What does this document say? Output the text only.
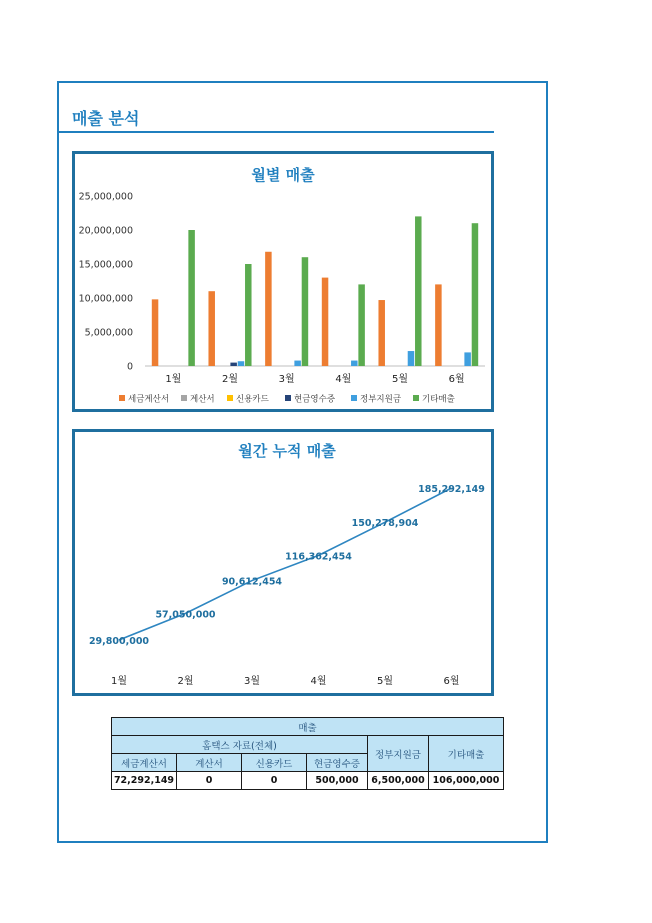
매출 분석
월별 매출
0
5,000,000
10,000,000
15,000,000
20,000,000
25,000,000
1월	2월	3월	4월	5월	6월
세금계산서 계산서	신용카드	현금영수증	정부지원금 기타매출
월간 누적 매출
29,800,000
1월
57,050,000
2월
90,612,454
3월
116,362,454
4월
150,278,904
5월
185,292,149
6월
매출					
홈택스 자료(전체)				정부지원금	기타매출
세금계산서	계산서	신용카드	현금영수증		
72,292,149	0	0	500,000	6,500,000	106,000,000
